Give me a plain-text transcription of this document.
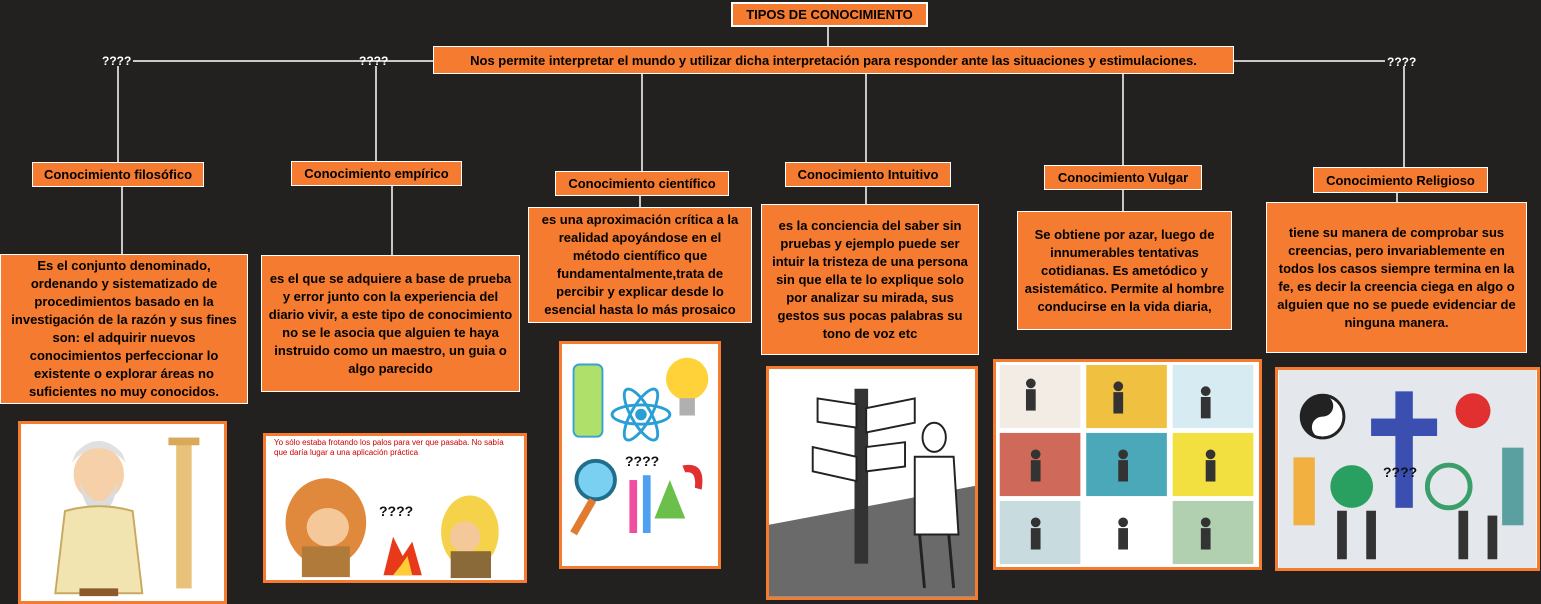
TIPOS DE CONOCIMIENTO
Nos permite interpretar el mundo y utilizar dicha interpretación para responder ante las situaciones y estimulaciones.
????	????	????
Conocimiento filosófico	Conocimiento empírico
Conocimiento científico
Conocimiento Intuitivo	Conocimiento Vulgar	Conocimiento Religioso
Es el conjunto denominado, ordenando y sistematizado de procedimientos basado en la investigación de la razón y sus fines son: el adquirir nuevos conocimientos perfeccionar lo existente o explorar áreas no suficientes no muy conocidos.
es el que se adquiere a base de prueba y error junto con la experiencia del diario vivir, a este tipo de conocimiento no se le asocia que alguien te haya instruido como un maestro, un guia o algo parecido
es una aproximación crítica a la realidad apoyándose en el método científico que fundamentalmente,trata de percibir y explicar desde lo esencial hasta lo más prosaico
es la conciencia del saber sin pruebas y ejemplo puede ser intuir la tristeza de una persona sin que ella te lo explique solo por analizar su mirada, sus gestos sus pocas palabras su tono de voz etc
Se obtiene por azar, luego de innumerables tentativas cotidianas. Es ametódico y asistemático. Permite al hombre conducirse en la vida diaria,
tiene su manera de comprobar sus creencias, pero invariablemente en todos los casos siempre termina en la fe, es decir la creencia ciega en algo o alguien que no se puede evidenciar de ninguna manera.
Yo sólo estaba frotando los palos para ver que pasaba. No sabía que daría lugar a una aplicación práctica
????
????
????
